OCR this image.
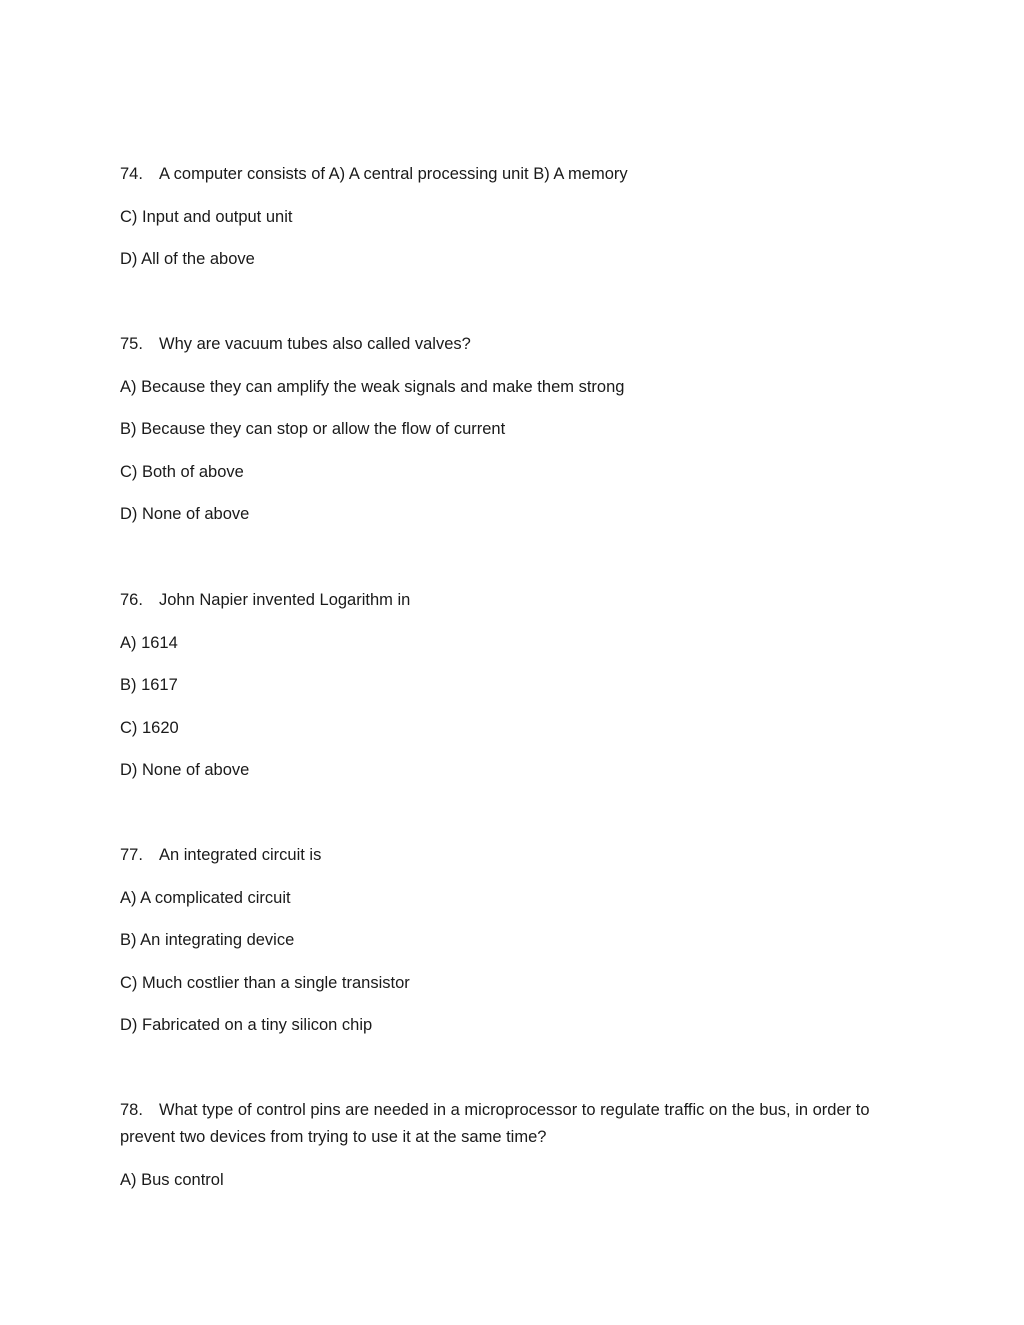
74. A computer consists of A) A central processing unit B) A memory

C) Input and output unit

D) All of the above

75. Why are vacuum tubes also called valves?

A) Because they can amplify the weak signals and make them strong

B) Because they can stop or allow the flow of current

C) Both of above

D) None of above

76. John Napier invented Logarithm in

A) 1614

B) 1617

C) 1620

D) None of above

77. An integrated circuit is

A) A complicated circuit

B) An integrating device

C) Much costlier than a single transistor

D) Fabricated on a tiny silicon chip

78. What type of control pins are needed in a microprocessor to regulate traffic on the bus, in order to prevent two devices from trying to use it at the same time?

A) Bus control
